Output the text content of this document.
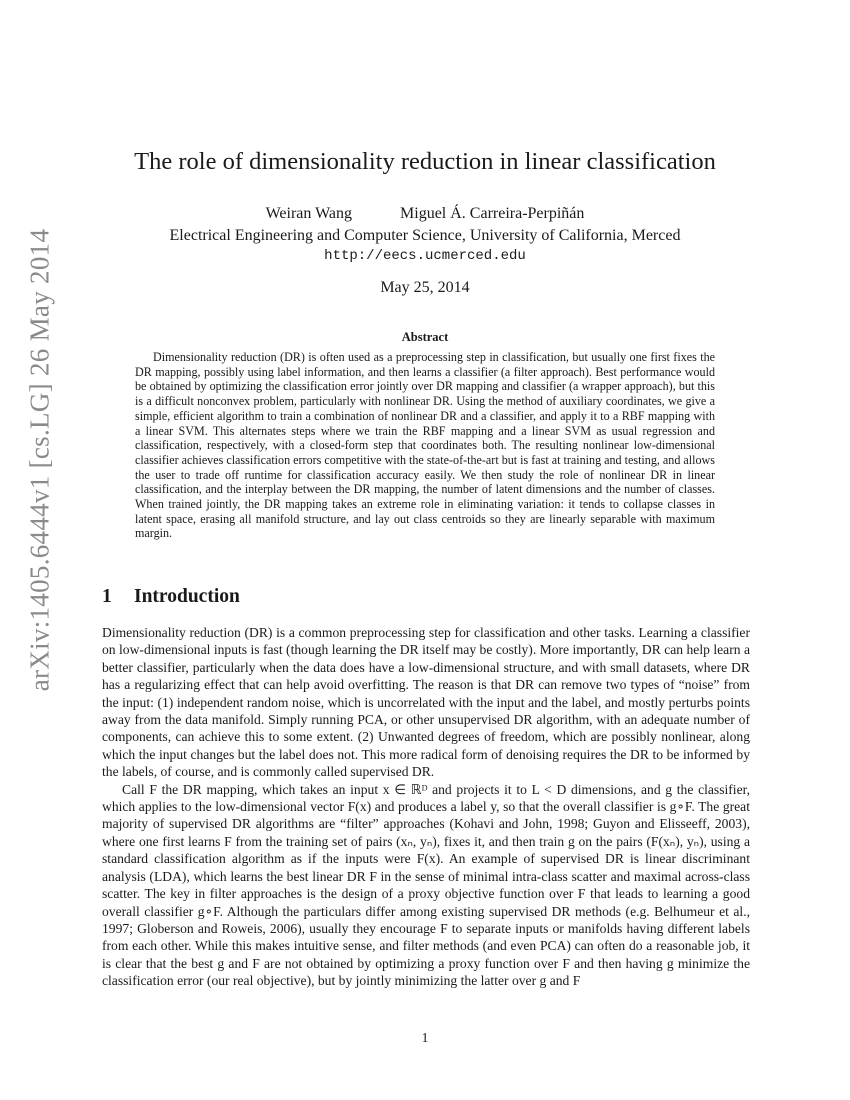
arXiv:1405.6444v1 [cs.LG] 26 May 2014
The role of dimensionality reduction in linear classification
Weiran Wang	Miguel Á. Carreira-Perpiñán
Electrical Engineering and Computer Science, University of California, Merced
http://eecs.ucmerced.edu
May 25, 2014
Abstract
Dimensionality reduction (DR) is often used as a preprocessing step in classification, but usually one first fixes the DR mapping, possibly using label information, and then learns a classifier (a filter approach). Best performance would be obtained by optimizing the classification error jointly over DR mapping and classifier (a wrapper approach), but this is a difficult nonconvex problem, particularly with nonlinear DR. Using the method of auxiliary coordinates, we give a simple, efficient algorithm to train a combination of nonlinear DR and a classifier, and apply it to a RBF mapping with a linear SVM. This alternates steps where we train the RBF mapping and a linear SVM as usual regression and classification, respectively, with a closed-form step that coordinates both. The resulting nonlinear low-dimensional classifier achieves classification errors competitive with the state-of-the-art but is fast at training and testing, and allows the user to trade off runtime for classification accuracy easily. We then study the role of nonlinear DR in linear classification, and the interplay between the DR mapping, the number of latent dimensions and the number of classes. When trained jointly, the DR mapping takes an extreme role in eliminating variation: it tends to collapse classes in latent space, erasing all manifold structure, and lay out class centroids so they are linearly separable with maximum margin.
1 Introduction

Dimensionality reduction (DR) is a common preprocessing step for classification and other tasks. Learning a classifier on low-dimensional inputs is fast (though learning the DR itself may be costly). More importantly, DR can help learn a better classifier, particularly when the data does have a low-dimensional structure, and with small datasets, where DR has a regularizing effect that can help avoid overfitting. The reason is that DR can remove two types of “noise” from the input: (1) independent random noise, which is uncorrelated with the input and the label, and mostly perturbs points away from the data manifold. Simply running PCA, or other unsupervised DR algorithm, with an adequate number of components, can achieve this to some extent. (2) Unwanted degrees of freedom, which are possibly nonlinear, along which the input changes but the label does not. This more radical form of denoising requires the DR to be informed by the labels, of course, and is commonly called supervised DR.

Call F the DR mapping, which takes an input x ∈ ℝᴰ and projects it to L < D dimensions, and g the classifier, which applies to the low-dimensional vector F(x) and produces a label y, so that the overall classifier is g∘F. The great majority of supervised DR algorithms are “filter” approaches (Kohavi and John, 1998; Guyon and Elisseeff, 2003), where one first learns F from the training set of pairs (xₙ, yₙ), fixes it, and then train g on the pairs (F(xₙ), yₙ), using a standard classification algorithm as if the inputs were F(x). An example of supervised DR is linear discriminant analysis (LDA), which learns the best linear DR F in the sense of minimal intra-class scatter and maximal across-class scatter. The key in filter approaches is the design of a proxy objective function over F that leads to learning a good overall classifier g∘F. Although the particulars differ among existing supervised DR methods (e.g. Belhumeur et al., 1997; Globerson and Roweis, 2006), usually they encourage F to separate inputs or manifolds having different labels from each other. While this makes intuitive sense, and filter methods (and even PCA) can often do a reasonable job, it is clear that the best g and F are not obtained by optimizing a proxy function over F and then having g minimize the classification error (our real objective), but by jointly minimizing the latter over g and F

1
